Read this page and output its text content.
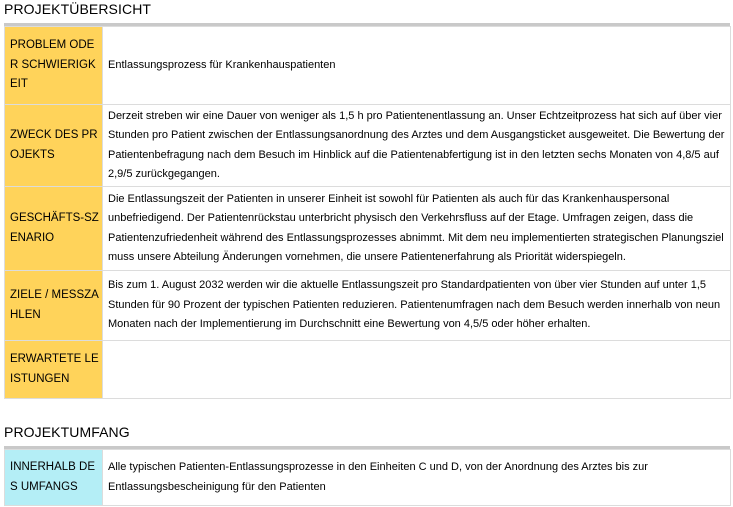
PROJEKTÜBERSICHT
PROBLEM ODER SCHWIERIGKEIT	Entlassungsprozess für Krankenhauspatienten
ZWECK DES PROJEKTS	Derzeit streben wir eine Dauer von weniger als 1,5 h pro Patientenentlassung an. Unser Echtzeitprozess hat sich auf über vier Stunden pro Patient zwischen der Entlassungsanordnung des Arztes und dem Ausgangsticket ausgeweitet. Die Bewertung der Patientenbefragung nach dem Besuch im Hinblick auf die Patientenabfertigung ist in den letzten sechs Monaten von 4,8/5 auf 2,9/5 zurückgegangen.
GESCHÄFTS-SZENARIO	Die Entlassungszeit der Patienten in unserer Einheit ist sowohl für Patienten als auch für das Krankenhauspersonal unbefriedigend. Der Patientenrückstau unterbricht physisch den Verkehrsfluss auf der Etage. Umfragen zeigen, dass die Patientenzufriedenheit während des Entlassungsprozesses abnimmt. Mit dem neu implementierten strategischen Planungsziel muss unsere Abteilung Änderungen vornehmen, die unsere Patientenerfahrung als Priorität widerspiegeln.
ZIELE / MESSZAHLEN	Bis zum 1. August 2032 werden wir die aktuelle Entlassungszeit pro Standardpatienten von über vier Stunden auf unter 1,5 Stunden für 90 Prozent der typischen Patienten reduzieren. Patientenumfragen nach dem Besuch werden innerhalb von neun Monaten nach der Implementierung im Durchschnitt eine Bewertung von 4,5/5 oder höher erhalten.
ERWARTETE LEISTUNGEN	
PROJEKTUMFANG
INNERHALB DES UMFANGS	Alle typischen Patienten-Entlassungsprozesse in den Einheiten C und D, von der Anordnung des Arztes bis zur Entlassungsbescheinigung für den Patienten
